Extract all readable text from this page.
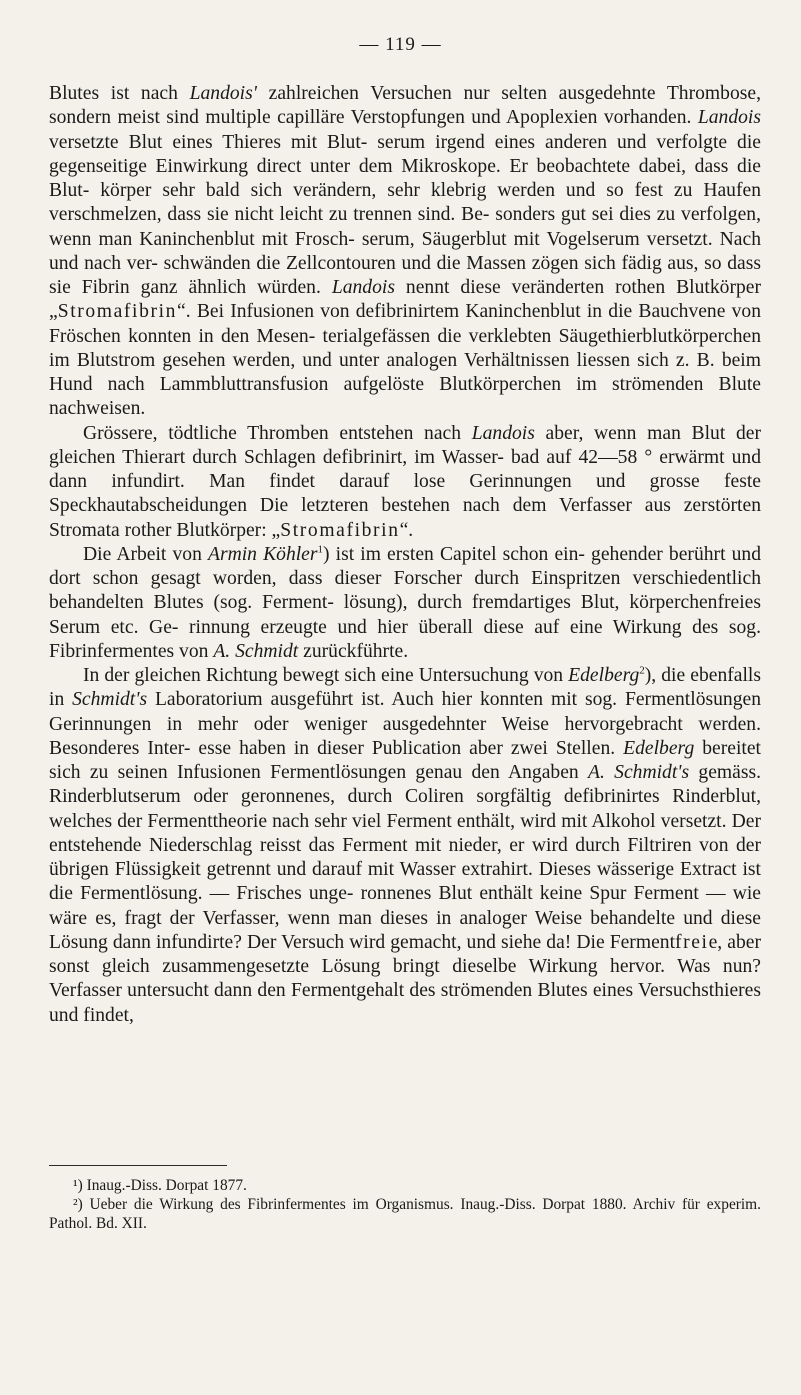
— 119 —

Blutes ist nach Landois' zahlreichen Versuchen nur selten ausgedehnte Thrombose, sondern meist sind multiple capilläre Verstopfungen und Apoplexien vorhanden. Landois versetzte Blut eines Thieres mit Blut- serum irgend eines anderen und verfolgte die gegenseitige Einwirkung direct unter dem Mikroskope. Er beobachtete dabei, dass die Blut- körper sehr bald sich verändern, sehr klebrig werden und so fest zu Haufen verschmelzen, dass sie nicht leicht zu trennen sind. Be- sonders gut sei dies zu verfolgen, wenn man Kaninchenblut mit Frosch- serum, Säugerblut mit Vogelserum versetzt. Nach und nach ver- schwänden die Zellcontouren und die Massen zögen sich fädig aus, so dass sie Fibrin ganz ähnlich würden. Landois nennt diese veränderten rothen Blutkörper „Stromafibrin“. Bei Infusionen von defibrinirtem Kaninchenblut in die Bauchvene von Fröschen konnten in den Mesen- terialgefässen die verklebten Säugethierblutkörperchen im Blutstrom gesehen werden, und unter analogen Verhältnissen liessen sich z. B. beim Hund nach Lammbluttransfusion aufgelöste Blutkörperchen im strömenden Blute nachweisen.

Grössere, tödtliche Thromben entstehen nach Landois aber, wenn man Blut der gleichen Thierart durch Schlagen defibrinirt, im Wasser- bad auf 42—58 ° erwärmt und dann infundirt. Man findet darauf lose Gerinnungen und grosse feste Speckhautabscheidungen Die letzteren bestehen nach dem Verfasser aus zerstörten Stromata rother Blutkörper: „Stromafibrin“.

Die Arbeit von Armin Köhler$^1$) ist im ersten Capitel schon ein- gehender berührt und dort schon gesagt worden, dass dieser Forscher durch Einspritzen verschiedentlich behandelten Blutes (sog. Ferment- lösung), durch fremdartiges Blut, körperchenfreies Serum etc. Ge- rinnung erzeugte und hier überall diese auf eine Wirkung des sog. Fibrinfermentes von A. Schmidt zurückführte.

In der gleichen Richtung bewegt sich eine Untersuchung von Edelberg$^2$), die ebenfalls in Schmidt's Laboratorium ausgeführt ist. Auch hier konnten mit sog. Fermentlösungen Gerinnungen in mehr oder weniger ausgedehnter Weise hervorgebracht werden. Besonderes Inter- esse haben in dieser Publication aber zwei Stellen. Edelberg bereitet sich zu seinen Infusionen Fermentlösungen genau den Angaben A. Schmidt's gemäss. Rinderblutserum oder geronnenes, durch Coliren sorgfältig defibrinirtes Rinderblut, welches der Fermenttheorie nach sehr viel Ferment enthält, wird mit Alkohol versetzt. Der entstehende Niederschlag reisst das Ferment mit nieder, er wird durch Filtriren von der übrigen Flüssigkeit getrennt und darauf mit Wasser extrahirt. Dieses wässerige Extract ist die Fermentlösung. — Frisches unge- ronnenes Blut enthält keine Spur Ferment — wie wäre es, fragt der Verfasser, wenn man dieses in analoger Weise behandelte und diese Lösung dann infundirte? Der Versuch wird gemacht, und siehe da! Die Fermentfreie, aber sonst gleich zusammengesetzte Lösung bringt dieselbe Wirkung hervor. Was nun? Verfasser untersucht dann den Fermentgehalt des strömenden Blutes eines Versuchsthieres und findet,

¹) Inaug.-Diss. Dorpat 1877.

²) Ueber die Wirkung des Fibrinfermentes im Organismus. Inaug.-Diss. Dorpat 1880. Archiv für experim. Pathol. Bd. XII.
